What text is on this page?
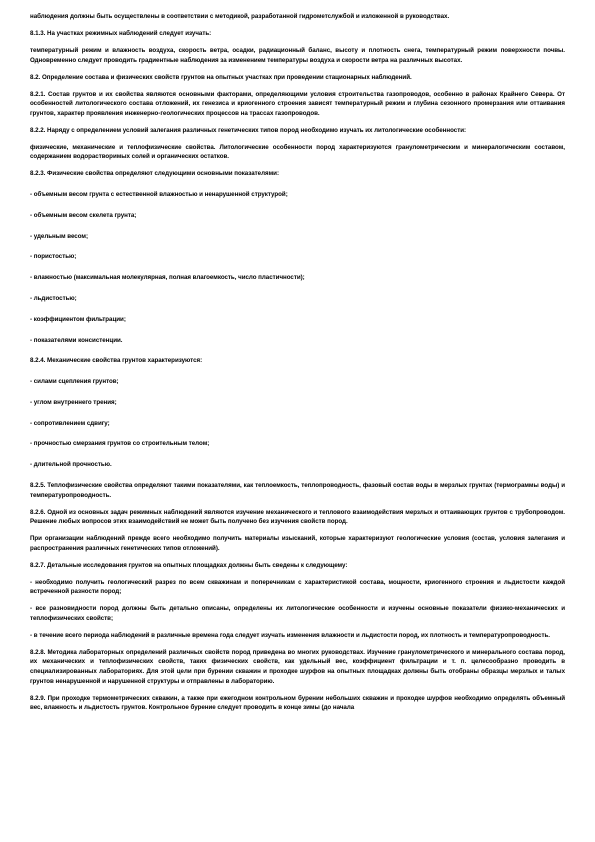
наблюдения должны быть осуществлены в соответствии с методикой, разработанной гидрометслужбой и изложенной в руководствах.

8.1.3. На участках режимных наблюдений следует изучать:

температурный режим и влажность воздуха, скорость ветра, осадки, радиационный баланс, высоту и плотность снега, температурный режим поверхности почвы. Одновременно следует проводить градиентные наблюдения за изменением температуры воздуха и скорости ветра на различных высотах.

8.2. Определение состава и физических свойств грунтов на опытных участках при проведении стационарных наблюдений.

8.2.1. Состав грунтов и их свойства являются основными факторами, определяющими условия строительства газопроводов, особенно в районах Крайнего Севера. От особенностей литологического состава отложений, их генезиса и криогенного строения зависят температурный режим и глубина сезонного промерзания или оттаивания грунтов, характер проявления инженерно-геологических процессов на трассах газопроводов.

8.2.2. Наряду с определением условий залегания различных генетических типов пород необходимо изучать их литологические особенности:

физические, механические и теплофизические свойства. Литологические особенности пород характеризуются гранулометрическим и минералогическим составом, содержанием водорастворимых солей и органических остатков.

8.2.3. Физические свойства определяют следующими основными показателями:

- объемным весом грунта с естественной влажностью и ненарушенной структурой;

- объемным весом скелета грунта;

- удельным весом;

- пористостью;

- влажностью (максимальная молекулярная, полная влагоемкость, число пластичности);

- льдистостью;

- коэффициентом фильтрации;

- показателями консистенции.

8.2.4. Механические свойства грунтов характеризуются:

- силами сцепления грунтов;

- углом внутреннего трения;

- сопротивлением сдвигу;

- прочностью смерзания грунтов со строительным телом;

- длительной прочностью.

8.2.5. Теплофизические свойства определяют такими показателями, как теплоемкость, теплопроводность, фазовый состав воды в мерзлых грунтах (термограммы воды) и температуропроводность.

8.2.6. Одной из основных задач режимных наблюдений являются изучение механического и теплового взаимодействия мерзлых и оттаивающих грунтов с трубопроводом. Решение любых вопросов этих взаимодействий не может быть получено без изучения свойств пород.

При организации наблюдений прежде всего необходимо получить материалы изысканий, которые характеризуют геологические условия (состав, условия залегания и распространения различных генетических типов отложений).

8.2.7. Детальные исследования грунтов на опытных площадках должны быть сведены к следующему:

- необходимо получить геологический разрез по всем скважинам и поперечникам с характеристикой состава, мощности, криогенного строения и льдистости каждой встреченной разности пород;

- все разновидности пород должны быть детально описаны, определены их литологические особенности и изучены основные показатели физико-механических и теплофизических свойств;

- в течение всего периода наблюдений в различные времена года следует изучать изменения влажности и льдистости пород, их плотность и температуропроводность.

8.2.8. Методика лабораторных определений различных свойств пород приведена во многих руководствах. Изучение гранулометрического и минерального состава пород, их механических и теплофизических свойств, таких физических свойств, как удельный вес, коэффициент фильтрации и т. п. целесообразно проводить в специализированных лабораториях. Для этой цели при бурении скважин и проходке шурфов на опытных площадках должны быть отобраны образцы мерзлых и талых грунтов ненарушенной и нарушенной структуры и отправлены в лабораторию.

8.2.9. При проходке термометрических скважин, а также при ежегодном контрольном бурении небольших скважин и проходке шурфов необходимо определять объемный вес, влажность и льдистость грунтов. Контрольное бурение следует проводить в конце зимы (до начала
